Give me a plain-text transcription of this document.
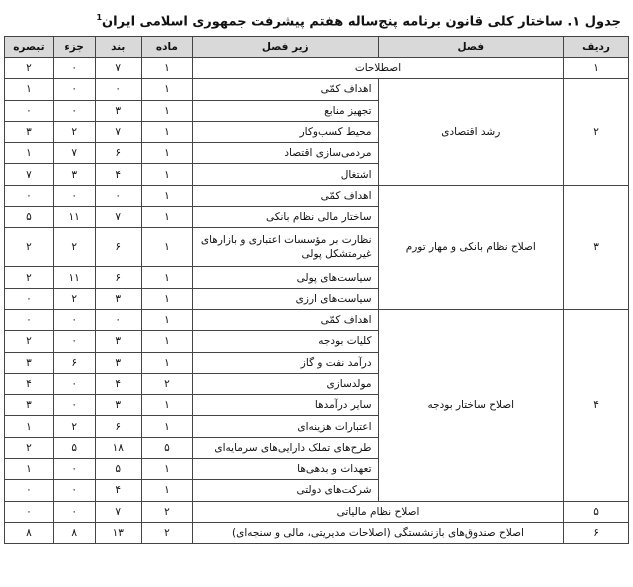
جدول ۱. ساختار کلی قانون برنامه پنج‌ساله هفتم پیشرفت جمهوری اسلامی ایران$^1$
ردیف	فصل	زیر فصل	ماده	بند	جزء	تبصره
۱	اصطلاحات		۱	۷	۰	۲
۲	رشد اقتصادی	اهداف کمّی	۱	۰	۰	۱
		تجهیز منابع	۱	۳	۰	۰
		محیط کسب‌وکار	۱	۷	۲	۳
		مردمی‌سازی اقتصاد	۱	۶	۷	۱
		اشتغال	۱	۴	۳	۷
۳	اصلاح نظام بانکی و مهار تورم	اهداف کمّی	۱	۰	۰	۰
		ساختار مالی نظام بانکی	۱	۷	۱۱	۵
		نظارت بر مؤسسات اعتباری و بازارهای غیرمتشکل پولی	۱	۶	۲	۲
		سیاست‌های پولی	۱	۶	۱۱	۲
		سیاست‌های ارزی	۱	۳	۲	۰
۴	اصلاح ساختار بودجه	اهداف کمّی	۱	۰	۰	۰
		کلیات بودجه	۱	۳	۰	۲
		درآمد نفت و گاز	۱	۳	۶	۳
		مولدسازی	۲	۴	۰	۴
		سایر درآمدها	۱	۳	۰	۳
		اعتبارات هزینه‌ای	۱	۶	۲	۱
		طرح‌های تملک دارایی‌های سرمایه‌ای	۵	۱۸	۵	۲
		تعهدات و بدهی‌ها	۱	۵	۰	۱
		شرکت‌های دولتی	۱	۴	۰	۰
۵	اصلاح نظام مالیاتی		۲	۷	۰	۰
۶	اصلاح صندوق‌های بازنشستگی (اصلاحات مدیریتی، مالی و سنجه‌ای)		۲	۱۳	۸	۸
